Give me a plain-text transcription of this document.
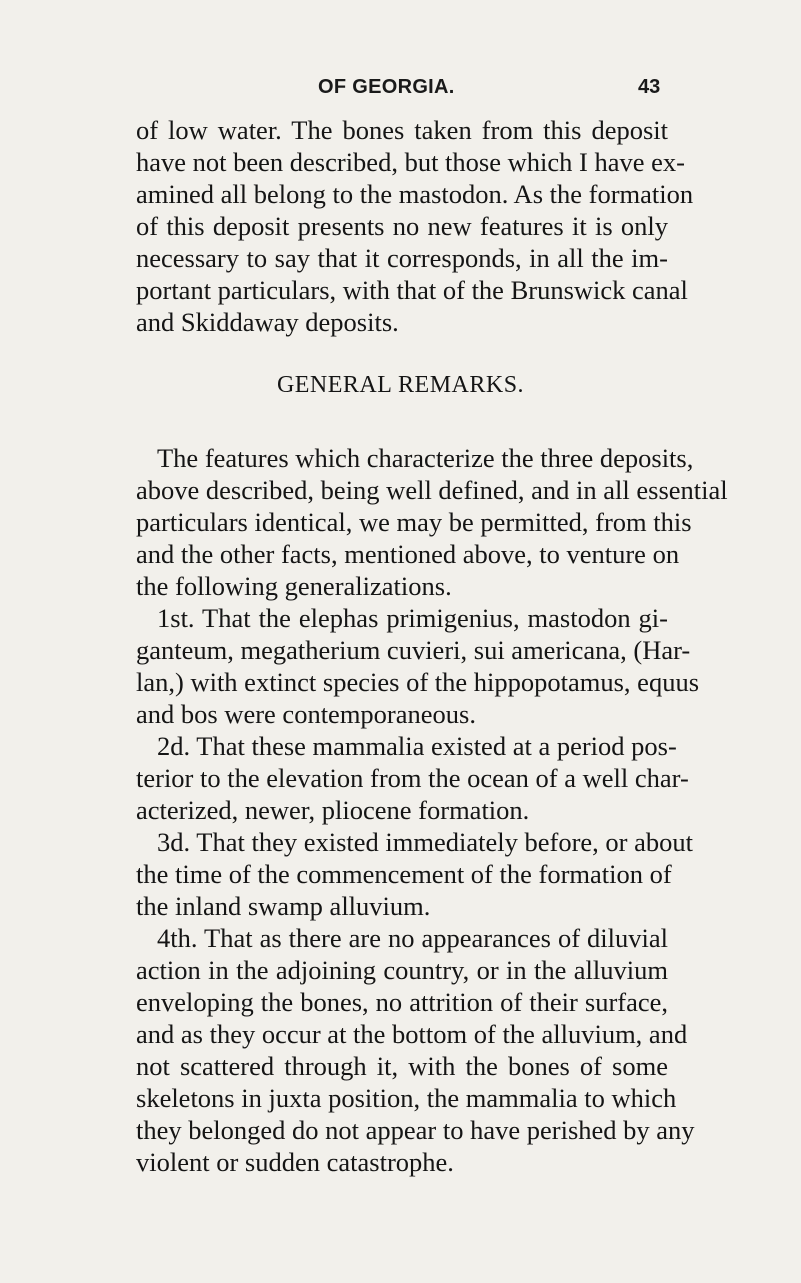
OF GEORGIA.	43
of low water. The bones taken from this deposit
have not been described, but those which I have ex-
amined all belong to the mastodon. As the formation
of this deposit presents no new features it is only
necessary to say that it corresponds, in all the im-
portant particulars, with that of the Brunswick canal
and Skiddaway deposits.
GENERAL REMARKS.
The features which characterize the three deposits,
above described, being well defined, and in all essential
particulars identical, we may be permitted, from this
and the other facts, mentioned above, to venture on
the following generalizations.
1st. That the elephas primigenius, mastodon gi-
ganteum, megatherium cuvieri, sui americana, (Har-
lan,) with extinct species of the hippopotamus, equus
and bos were contemporaneous.
2d. That these mammalia existed at a period pos-
terior to the elevation from the ocean of a well char-
acterized, newer, pliocene formation.
3d. That they existed immediately before, or about
the time of the commencement of the formation of
the inland swamp alluvium.
4th. That as there are no appearances of diluvial
action in the adjoining country, or in the alluvium
enveloping the bones, no attrition of their surface,
and as they occur at the bottom of the alluvium, and
not scattered through it, with the bones of some
skeletons in juxta position, the mammalia to which
they belonged do not appear to have perished by any
violent or sudden catastrophe.
